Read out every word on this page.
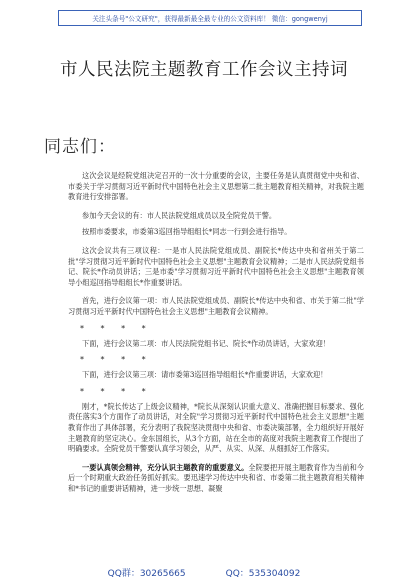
关注头条号"公文研究"，获得最新最全最专业的公文资料库！ 微信：gongwenyj
市人民法院主题教育工作会议主持词
同志们：

这次会议是经院党组决定召开的一次十分重要的会议，主要任务是认真贯彻党中央和省、市委关于学习贯彻习近平新时代中国特色社会主义思想第二批主题教育相关精神，对我院主题教育进行安排部署。

参加今天会议的有：市人民法院党组成员以及全院党员干警。

按照市委要求，市委第3巡回指导组组长*同志一行到会进行指导。

这次会议共有三项议程：一是市人民法院党组成员、副院长*传达中央和省州关于第二批"学习贯彻习近平新时代中国特色社会主义思想"主题教育会议精神；二是市人民法院党组书记、院长*作动员讲话；三是市委"学习贯彻习近平新时代中国特色社会主义思想"主题教育领导小组巡回指导组组长*作重要讲话。

首先，进行会议第一项：市人民法院党组成员、副院长*传达中央和省、市关于第二批"学习贯彻习近平新时代中国特色社会主义思想"主题教育会议精神。

* * * *

下面，进行会议第二项：市人民法院党组书记、院长*作动员讲话，大家欢迎！

* * * *

下面，进行会议第三项：请市委第3巡回指导组组长*作重要讲话，大家欢迎！

* * * *

刚才，*院长传达了上级会议精神，*院长从深刻认识重大意义、准确把握目标要求、强化责任落实3个方面作了动员讲话，对全院"学习贯彻习近平新时代中国特色社会主义思想"主题教育作出了具体部署，充分表明了我院坚决贯彻中央和省、市委决策部署，全力组织好开展好主题教育的坚定决心。金东国组长，从3个方面，站在全市的高度对我院主题教育工作提出了明确要求。全院党员干警要认真学习领会，从严、从实、从深、从细抓好工作落实。

一要认真领会精神，充分认识主题教育的重要意义。全院要把开展主题教育作为当前和今后一个时期重大政治任务抓好抓实。要迅速学习传达中央和省、市委第二批主题教育相关精神和*书记的重要讲话精神，进一步统一思想、凝聚

QQ群：30265665	QQ：535304092
